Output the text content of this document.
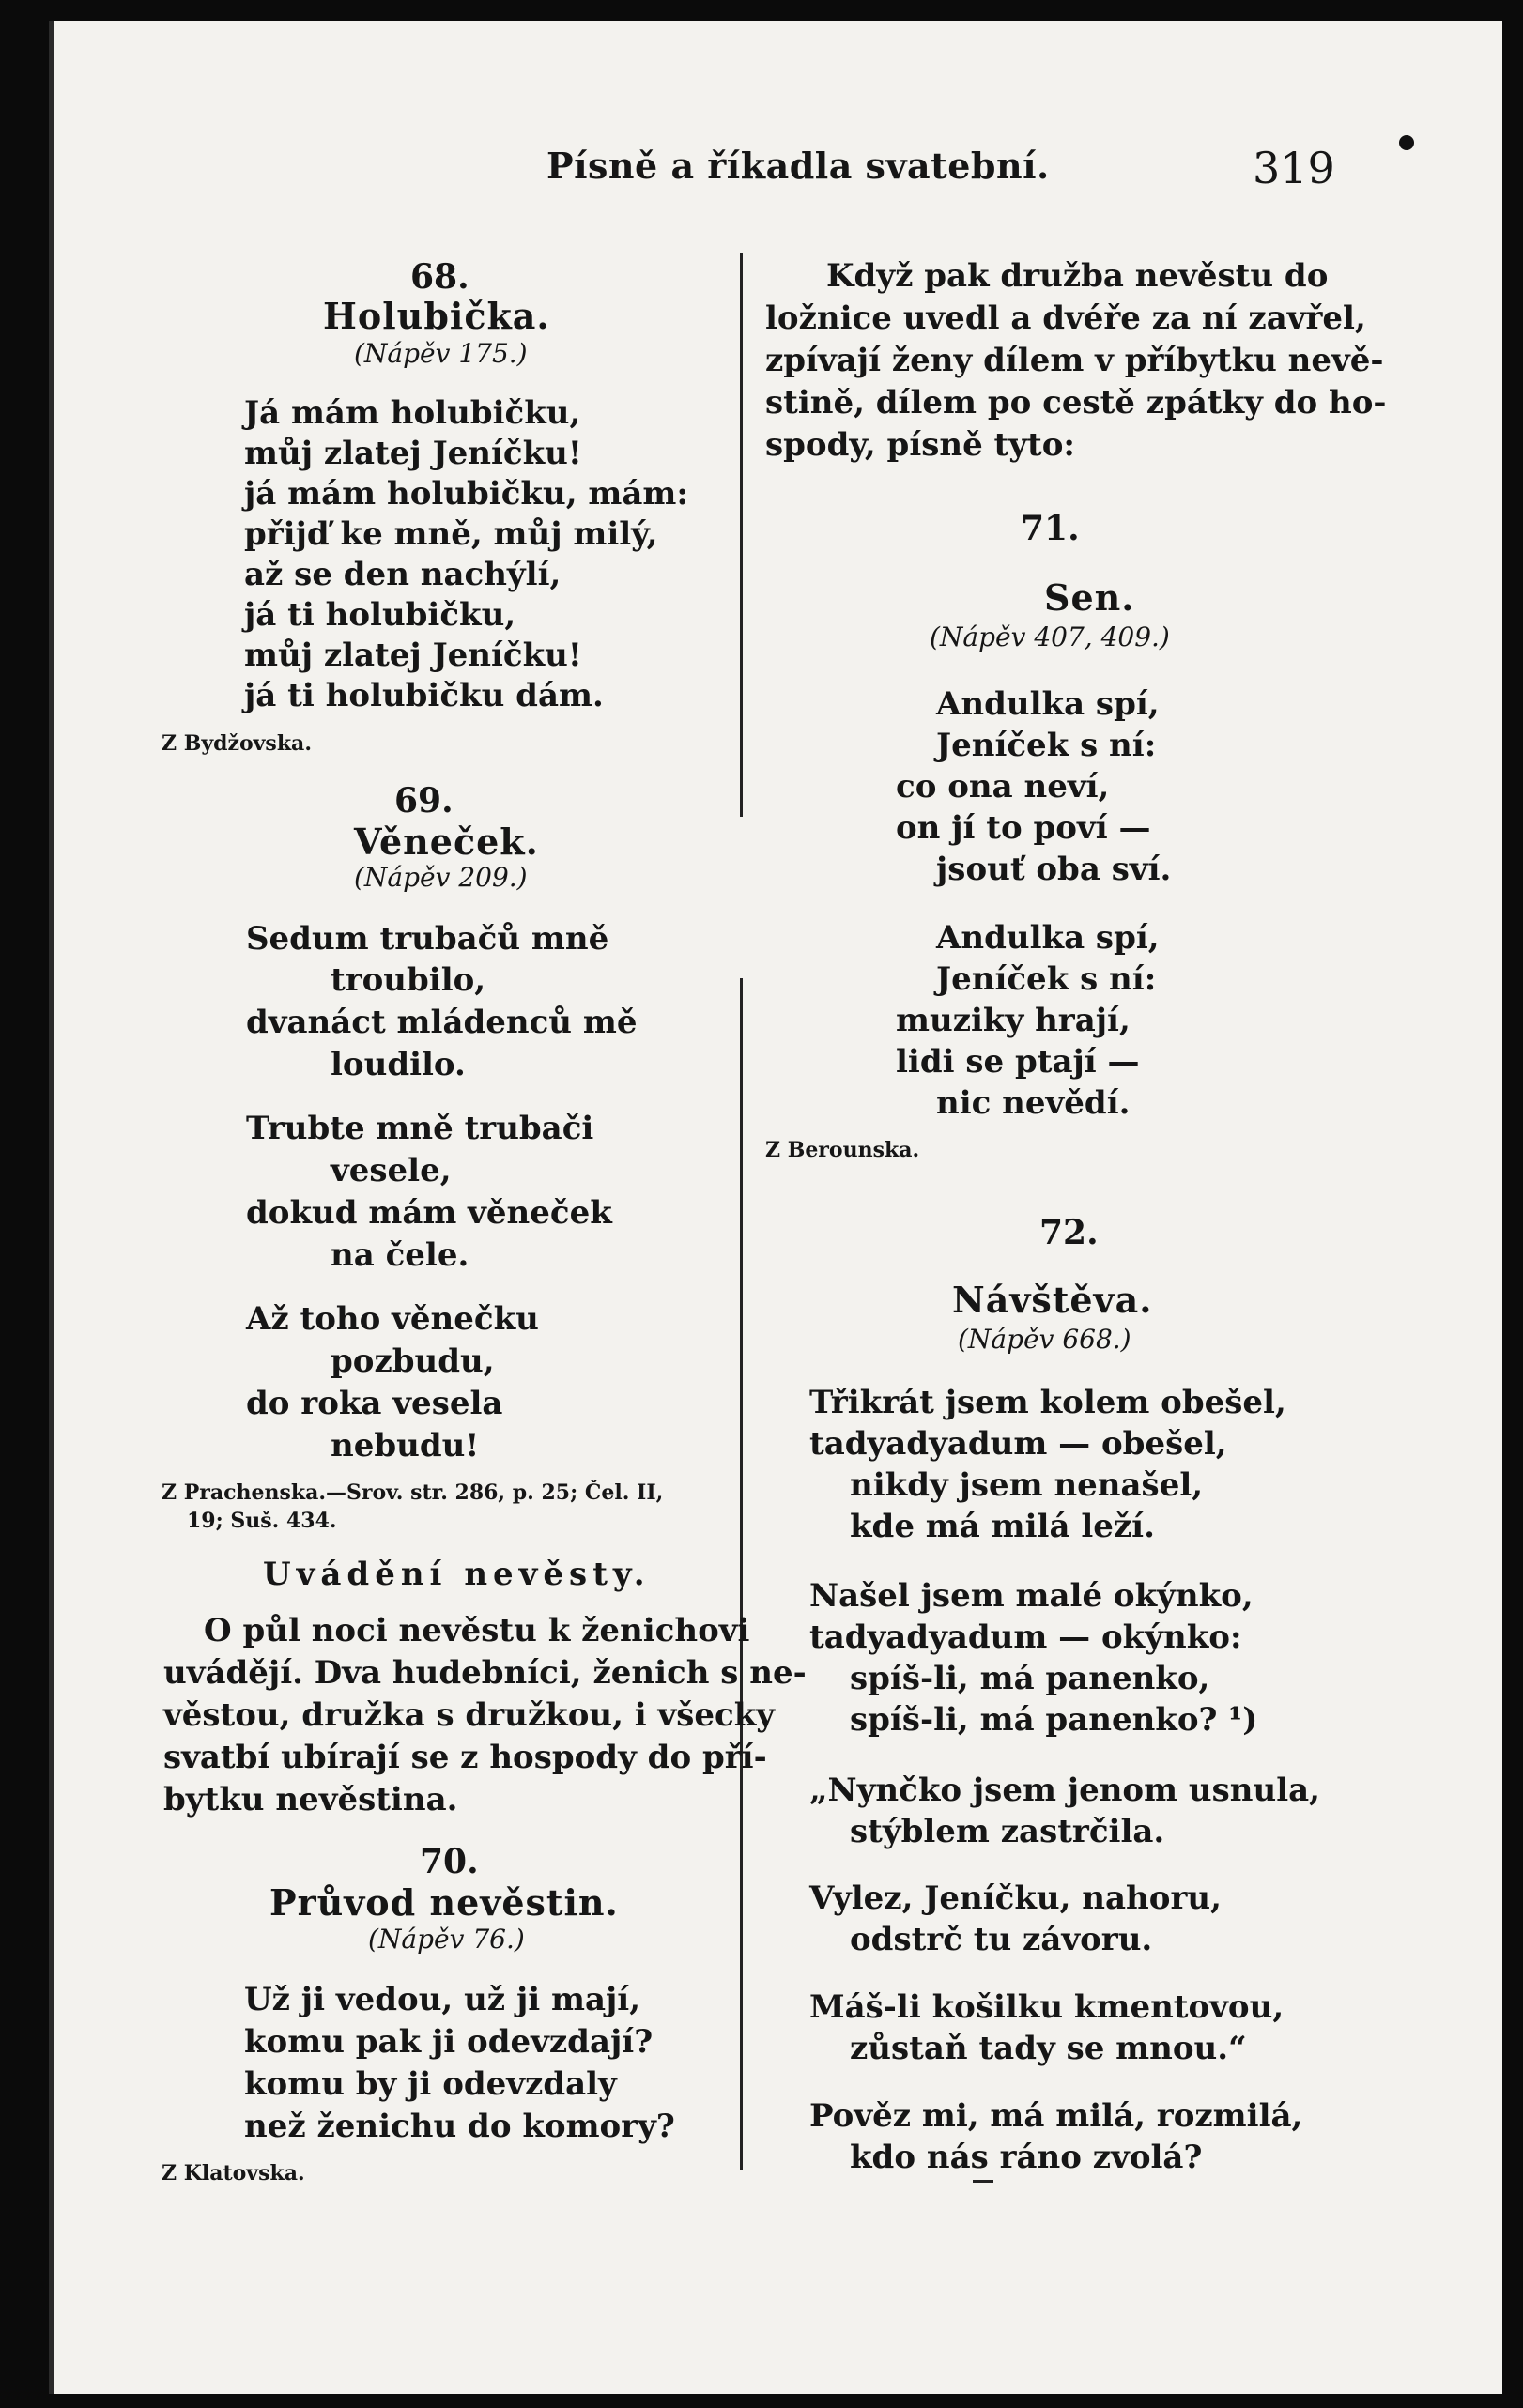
Písně a říkadla svatební.	319
68.
Holubička.
(Nápěv 175.)
Já mám holubičku,
můj zlatej Jeníčku!
já mám holubičku, mám:
přijď ke mně, můj milý,
až se den nachýlí,
já ti holubičku,
můj zlatej Jeníčku!
já ti holubičku dám.
Z Bydžovska.
69.
Věneček.
(Nápěv 209.)
Sedum trubačů mně
troubilo,
dvanáct mládenců mě
loudilo.
Trubte mně trubači
vesele,
dokud mám věneček
na čele.
Až toho věnečku
pozbudu,
do roka vesela
nebudu!
Z Prachenska.—Srov. str. 286, p. 25; Čel. II,
19; Suš. 434.
Uvádění nevěsty.
O půl noci nevěstu k ženichovi
uvádějí. Dva hudebníci, ženich s ne-
věstou, družka s družkou, i všecky
svatbí ubírají se z hospody do pří-
bytku nevěstina.
70.
Průvod nevěstin.
(Nápěv 76.)
Už ji vedou, už ji mají,
komu pak ji odevzdají?
komu by ji odevzdaly
než ženichu do komory?
Z Klatovska.
Když pak družba nevěstu do
ložnice uvedl a dvéře za ní zavřel,
zpívají ženy dílem v příbytku nevě-
stině, dílem po cestě zpátky do ho-
spody, písně tyto:
71.
Sen.
(Nápěv 407, 409.)
Andulka spí,
Jeníček s ní:
co ona neví,
on jí to poví —
jsouť oba sví.
Andulka spí,
Jeníček s ní:
muziky hrají,
lidi se ptají —
nic nevědí.
Z Berounska.
72.
Návštěva.
(Nápěv 668.)
Třikrát jsem kolem obešel,
tadyadyadum — obešel,
nikdy jsem nenašel,
kde má milá leží.
Našel jsem malé okýnko,
tadyadyadum — okýnko:
spíš-li, má panenko,
spíš-li, má panenko? ¹)
„Nynčko jsem jenom usnula,
stýblem zastrčila.
Vylez, Jeníčku, nahoru,
odstrč tu závoru.
Máš-li košilku kmentovou,
zůstaň tady se mnou.“
Pověz mi, má milá, rozmilá,
kdo nás ráno zvolá?
